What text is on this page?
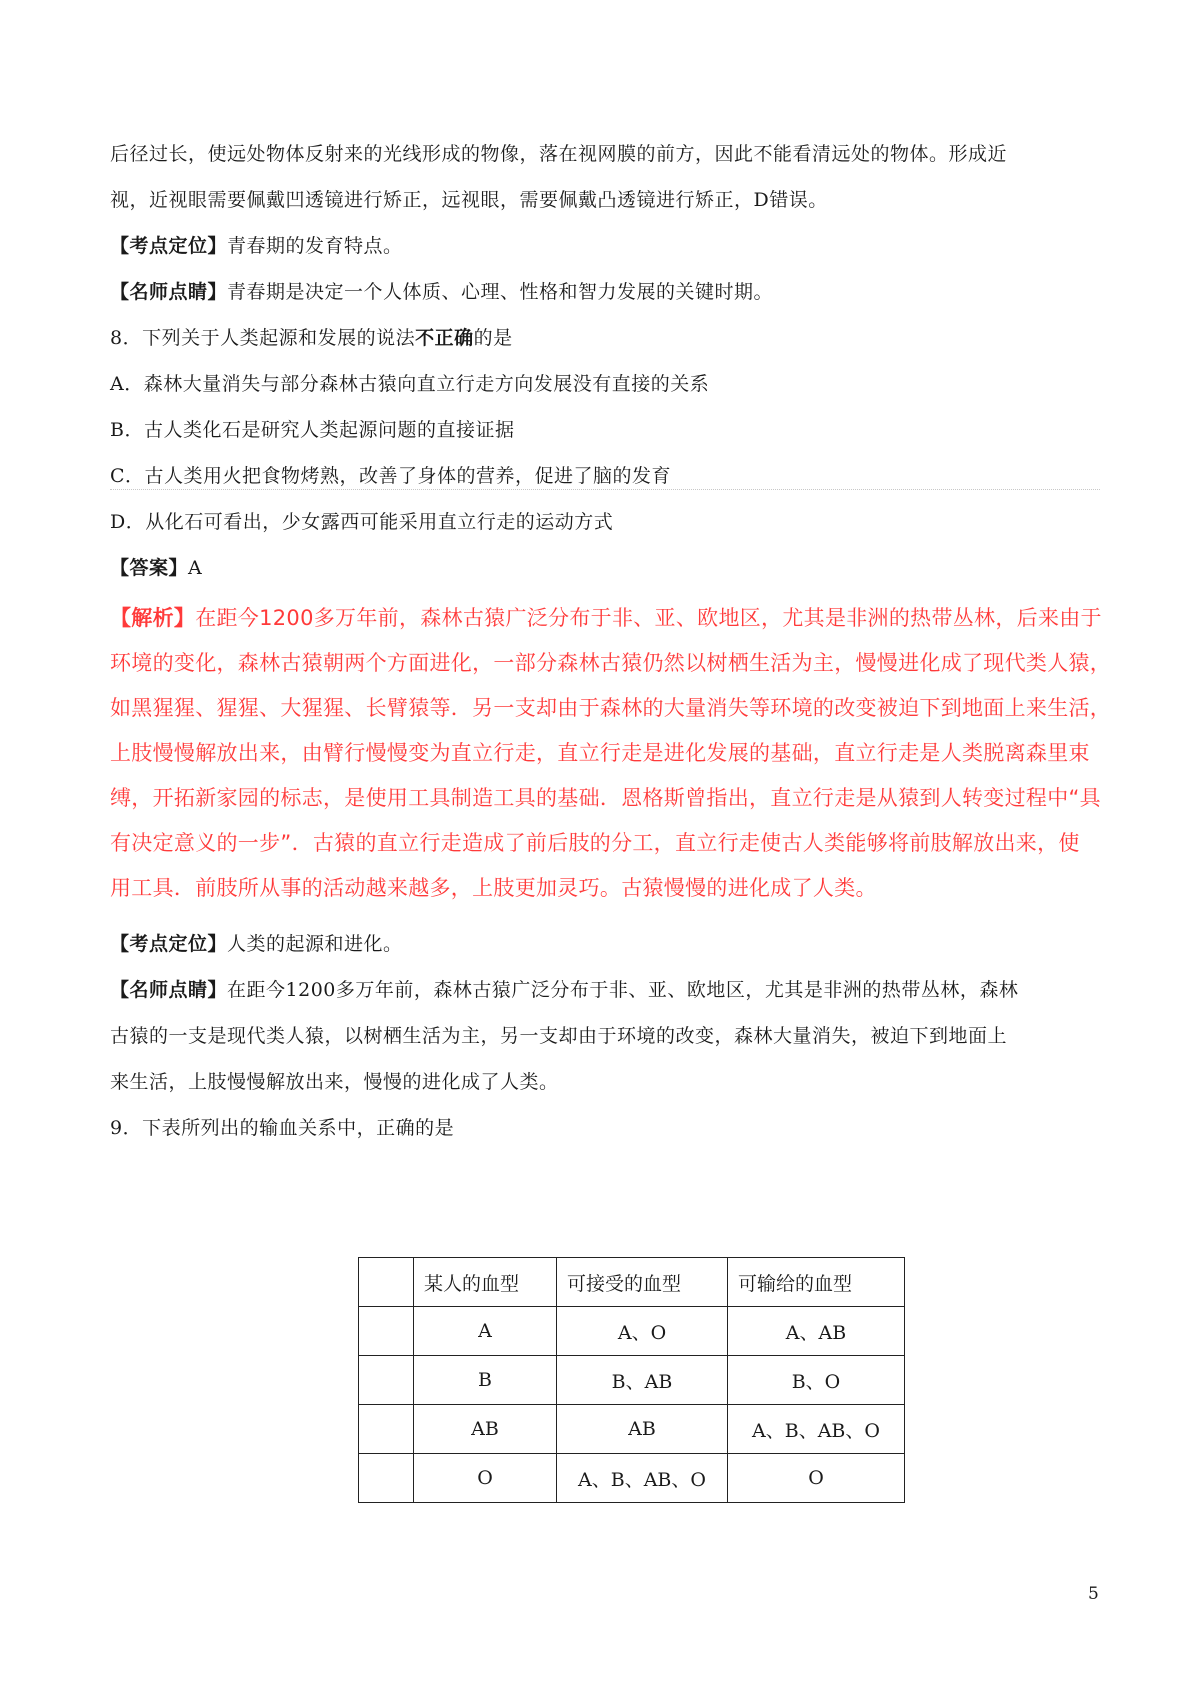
后径过长，使远处物体反射来的光线形成的物像，落在视网膜的前方，因此不能看清远处的物体。形成近
视，近视眼需要佩戴凹透镜进行矫正，远视眼，需要佩戴凸透镜进行矫正，D错误。
【考点定位】青春期的发育特点。
【名师点睛】青春期是决定一个人体质、心理、性格和智力发展的关键时期。
8．下列关于人类起源和发展的说法不正确的是
A．森林大量消失与部分森林古猿向直立行走方向发展没有直接的关系
B．古人类化石是研究人类起源问题的直接证据
C．古人类用火把食物烤熟，改善了身体的营养，促进了脑的发育
D．从化石可看出，少女露西可能采用直立行走的运动方式
【答案】A
【解析】在距今1200多万年前，森林古猿广泛分布于非、亚、欧地区，尤其是非洲的热带丛林，后来由于
环境的变化，森林古猿朝两个方面进化，一部分森林古猿仍然以树栖生活为主，慢慢进化成了现代类人猿，
如黑猩猩、猩猩、大猩猩、长臂猿等．另一支却由于森林的大量消失等环境的改变被迫下到地面上来生活，
上肢慢慢解放出来，由臂行慢慢变为直立行走，直立行走是进化发展的基础，直立行走是人类脱离森里束
缚，开拓新家园的标志，是使用工具制造工具的基础．恩格斯曾指出，直立行走是从猿到人转变过程中“具
有决定意义的一步”．古猿的直立行走造成了前后肢的分工，直立行走使古人类能够将前肢解放出来，使
用工具．前肢所从事的活动越来越多，上肢更加灵巧。古猿慢慢的进化成了人类。
【考点定位】人类的起源和进化。
【名师点睛】在距今1200多万年前，森林古猿广泛分布于非、亚、欧地区，尤其是非洲的热带丛林，森林
古猿的一支是现代类人猿，以树栖生活为主，另一支却由于环境的改变，森林大量消失，被迫下到地面上
来生活，上肢慢慢解放出来，慢慢的进化成了人类。
9．下表所列出的输血关系中，正确的是
	某人的血型	可接受的血型	可输给的血型
	A	A、O	A、AB
	B	B、AB	B、O
	AB	AB	A、B、AB、O
	O	A、B、AB、O	O
5
